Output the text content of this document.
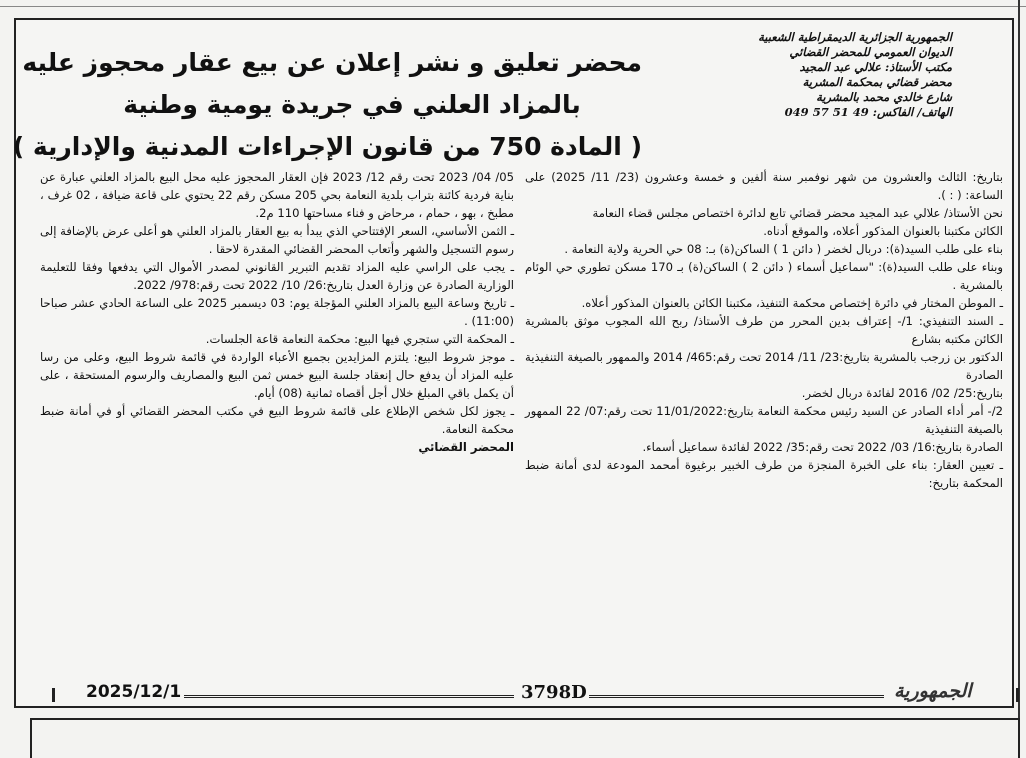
الجمهورية الجزائرية الديمقراطية الشعبية
الديوان العمومي للمحضر القضائي
مكتب الأستاذ: علالي عبد المجيد
محضر قضائي بمحكمة المشرية
شارع خالدي محمد بالمشرية
الهاتف/ الفاكس: 49 51 57 049
محضر تعليق و نشر إعلان عن بيع عقار محجوز عليه
بالمزاد العلني في جريدة يومية وطنية
( المادة 750 من قانون الإجراءات المدنية والإدارية )

بتاريخ: الثالث والعشرون من شهر نوفمبر سنة ألفين و خمسة وعشرون (23/ 11/ 2025) على الساعة: ( : ).

نحن الأستاذ/ علالي عبد المجيد محضر قضائي تابع لدائرة اختصاص مجلس قضاء النعامة

الكائن مكتبنا بالعنوان المذكور أعلاه، والموقع أدناه.

بناء على طلب السيد(ة): دربال لخضر ( دائن 1 ) الساكن(ة) بـ: 08 حي الحرية ولاية النعامة .

وبناء على طلب السيد(ة): "سماعيل أسماء ( دائن 2 ) الساكن(ة) بـ 170 مسكن تطوري حي الوئام بالمشرية .

ـ الموطن المختار في دائرة إختصاص محكمة التنفيذ، مكتبنا الكائن بالعنوان المذكور أعلاه.

ـ السند التنفيذي: 1/- إعتراف بدين المحرر من طرف الأستاذ/ ربح الله المجوب موثق بالمشرية الكائن مكتبه بشارع

الدكتور بن زرجب بالمشرية بتاريخ:23/ 11/ 2014 تحت رقم:465/ 2014 والممهور بالصيغة التنفيذية الصادرة

بتاريخ:25/ 02/ 2016 لفائدة دربال لخضر.

2/- أمر أداء الصادر عن السيد رئيس محكمة النعامة بتاريخ:11/01/2022 تحت رقم:07/ 22 الممهور بالصيغة التنفيذية

الصادرة بتاريخ:16/ 03/ 2022 تحت رقم:35/ 2022 لفائدة سماعيل أسماء.

ـ تعيين العقار: بناء على الخبرة المنجزة من طرف الخبير برغيوة أمحمد المودعة لدى أمانة ضبط المحكمة بتاريخ:

05/ 04/ 2023 تحت رقم 12/ 2023 فإن العقار المحجوز عليه محل البيع بالمزاد العلني عبارة عن بناية فردية كائنة بتراب بلدية النعامة بحي 205 مسكن رقم 22 يحتوي على قاعة ضيافة ، 02 غرف ، مطبخ ، بهو ، حمام ، مرحاض و فناء مساحتها 110 م2.

ـ الثمن الأساسي، السعر الإفتتاحي الذي يبدأ به بيع العقار بالمزاد العلني هو أعلى عرض بالإضافة إلى رسوم التسجيل والشهر وأتعاب المحضر القضائي المقدرة لاحقا .

ـ يجب على الراسي عليه المزاد تقديم التبرير القانوني لمصدر الأموال التي يدفعها وفقا للتعليمة الوزارية الصادرة عن وزارة العدل بتاريخ:26/ 10/ 2022 تحت رقم:978/ 2022.

ـ تاريخ وساعة البيع بالمزاد العلني المؤجلة يوم: 03 ديسمبر 2025 على الساعة الحادي عشر صباحا (11:00) .

ـ المحكمة التي ستجري فيها البيع: محكمة النعامة قاعة الجلسات.

ـ موجز شروط البيع: يلتزم المزايدين بجميع الأعباء الواردة في قائمة شروط البيع، وعلى من رسا عليه المزاد أن يدفع حال إنعقاد جلسة البيع خمس ثمن البيع والمصاريف والرسوم المستحقة ، على أن يكمل باقي المبلغ خلال أجل أقصاه ثمانية (08) أيام.

ـ يجوز لكل شخص الإطلاع على قائمة شروط البيع في مكتب المحضر القضائي أو في أمانة ضبط محكمة النعامة.

المحضر القضائي

2025/12/1	3798D	الجمهورية
